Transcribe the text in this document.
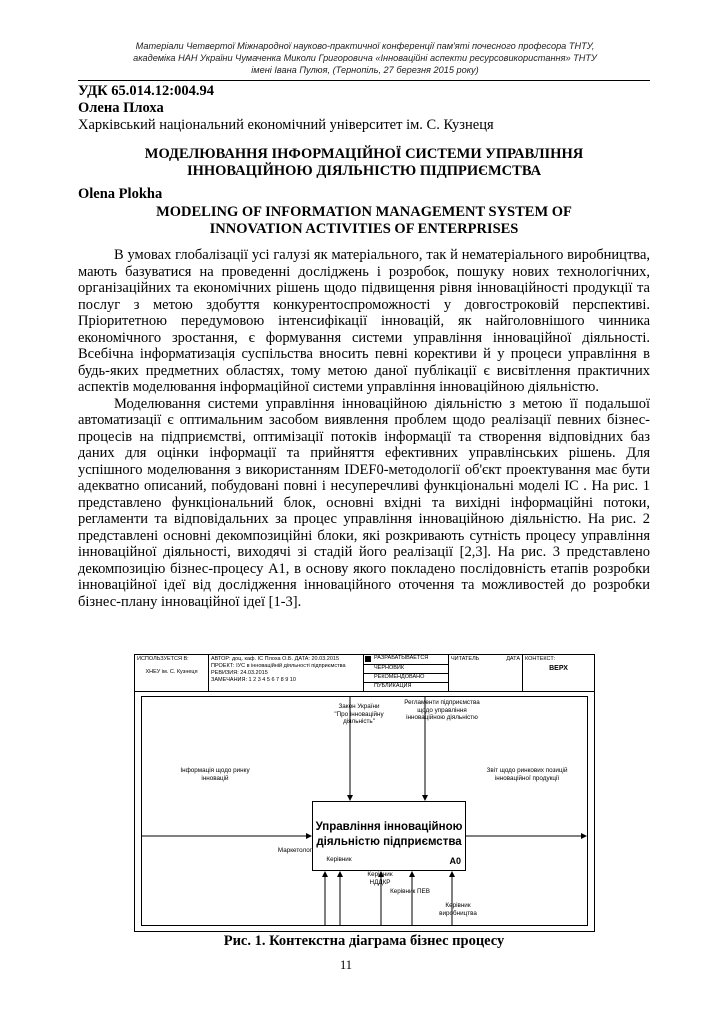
Матеріали Четвертої Міжнародної науково-практичної конференції пам'яті почесного професора ТНТУ,
академіка НАН України Чумаченка Миколи Григоровича «Інноваційні аспекти ресурсовикористання» ТНТУ
імені Івана Пулюя, (Тернопіль, 27 березня 2015 року)
УДК 65.014.12:004.94
Олена Плоха
Харківський національний економічний університет ім. С. Кузнеця
МОДЕЛЮВАННЯ ІНФОРМАЦІЙНОЇ СИСТЕМИ УПРАВЛІННЯ
ІННОВАЦІЙНОЮ ДІЯЛЬНІСТЮ ПІДПРИЄМСТВА
Olena Plokha
MODELING OF INFORMATION MANAGEMENT SYSTEM OF
INNOVATION ACTIVITIES OF ENTERPRISES

В умовах глобалізації усі галузі як матеріального, так й нематеріального виробництва, мають базуватися на проведенні досліджень і розробок, пошуку нових технологічних, організаційних та економічних рішень щодо підвищення рівня інноваційності продукції та послуг з метою здобуття конкурентоспроможності у довгостроковій перспективі. Пріоритетною передумовою інтенсифікації інновацій, як найголовнішого чинника економічного зростання, є формування системи управління інноваційної діяльності. Всебічна інформатизація суспільства вносить певні корективи й у процеси управління в будь-яких предметних областях, тому метою даної публікації є висвітлення практичних аспектів моделювання інформаційної системи управління інноваційною діяльністю.

Моделювання системи управління інноваційною діяльністю з метою її подальшої автоматизації є оптимальним засобом виявлення проблем щодо реалізації певних бізнес-процесів на підприємстві, оптимізації потоків інформації та створення відповідних баз даних для оцінки інформації та прийняття ефективних управлінських рішень. Для успішного моделювання з використанням IDEF0-методології об'єкт проектування має бути адекватно описаний, побудовані повні і несуперечливі функціональні моделі ІС . На рис. 1 представлено функціональний блок, основні вхідні та вихідні інформаційні потоки, регламенти та відповідальних за процес управління інноваційною діяльністю. На рис. 2 представлені основні декомпозиційні блоки, які розкривають сутність процесу управління інноваційної діяльності, виходячі зі стадій його реалізації [2,3]. На рис. 3 представлено декомпозицію бізнес-процесу А1, в основу якого покладено послідовність етапів розробки інноваційної ідеї від дослідження інноваційного оточення та можливостей до розробки бізнес-плану інноваційної ідеї [1-3].

ИСПОЛЬЗУЕТСЯ В:
ХНЕУ ім. С. Кузнеця
АВТОР: доц. каф. ІС Плоха О.Б. ДАТА: 20.03.2015
ПРОЕКТ: ІУС в інноваційній діяльності підприємства РЕВИЗИЯ: 24.03.2015
ЗАМЕЧАНИЯ: 1 2 3 4 5 6 7 8 9 10
РАЗРАБАТЫВАЕТСЯ
ЧЕРНОВИК
РЕКОМЕНДОВАНО
ПУБЛИКАЦИЯ
ЧИТАТЕЛЬ	ДАТА КОНТЕКСТ:
ВЕРХ
Управління інноваційною
діяльністю підприємства
A0
Закон України "Про інноваційну діяльність"
Регламенти підприємства щодо управління інноваційною діяльністю
Інформація щодо ринку інновацій
Звіт щодо ринкових позицій інноваційної продукції
Маркетолог
Керівник
Керівник НДДКР
Керівник ПЕВ
Керівник виробництва
Рис. 1. Контекстна діаграма бізнес процесу
11
